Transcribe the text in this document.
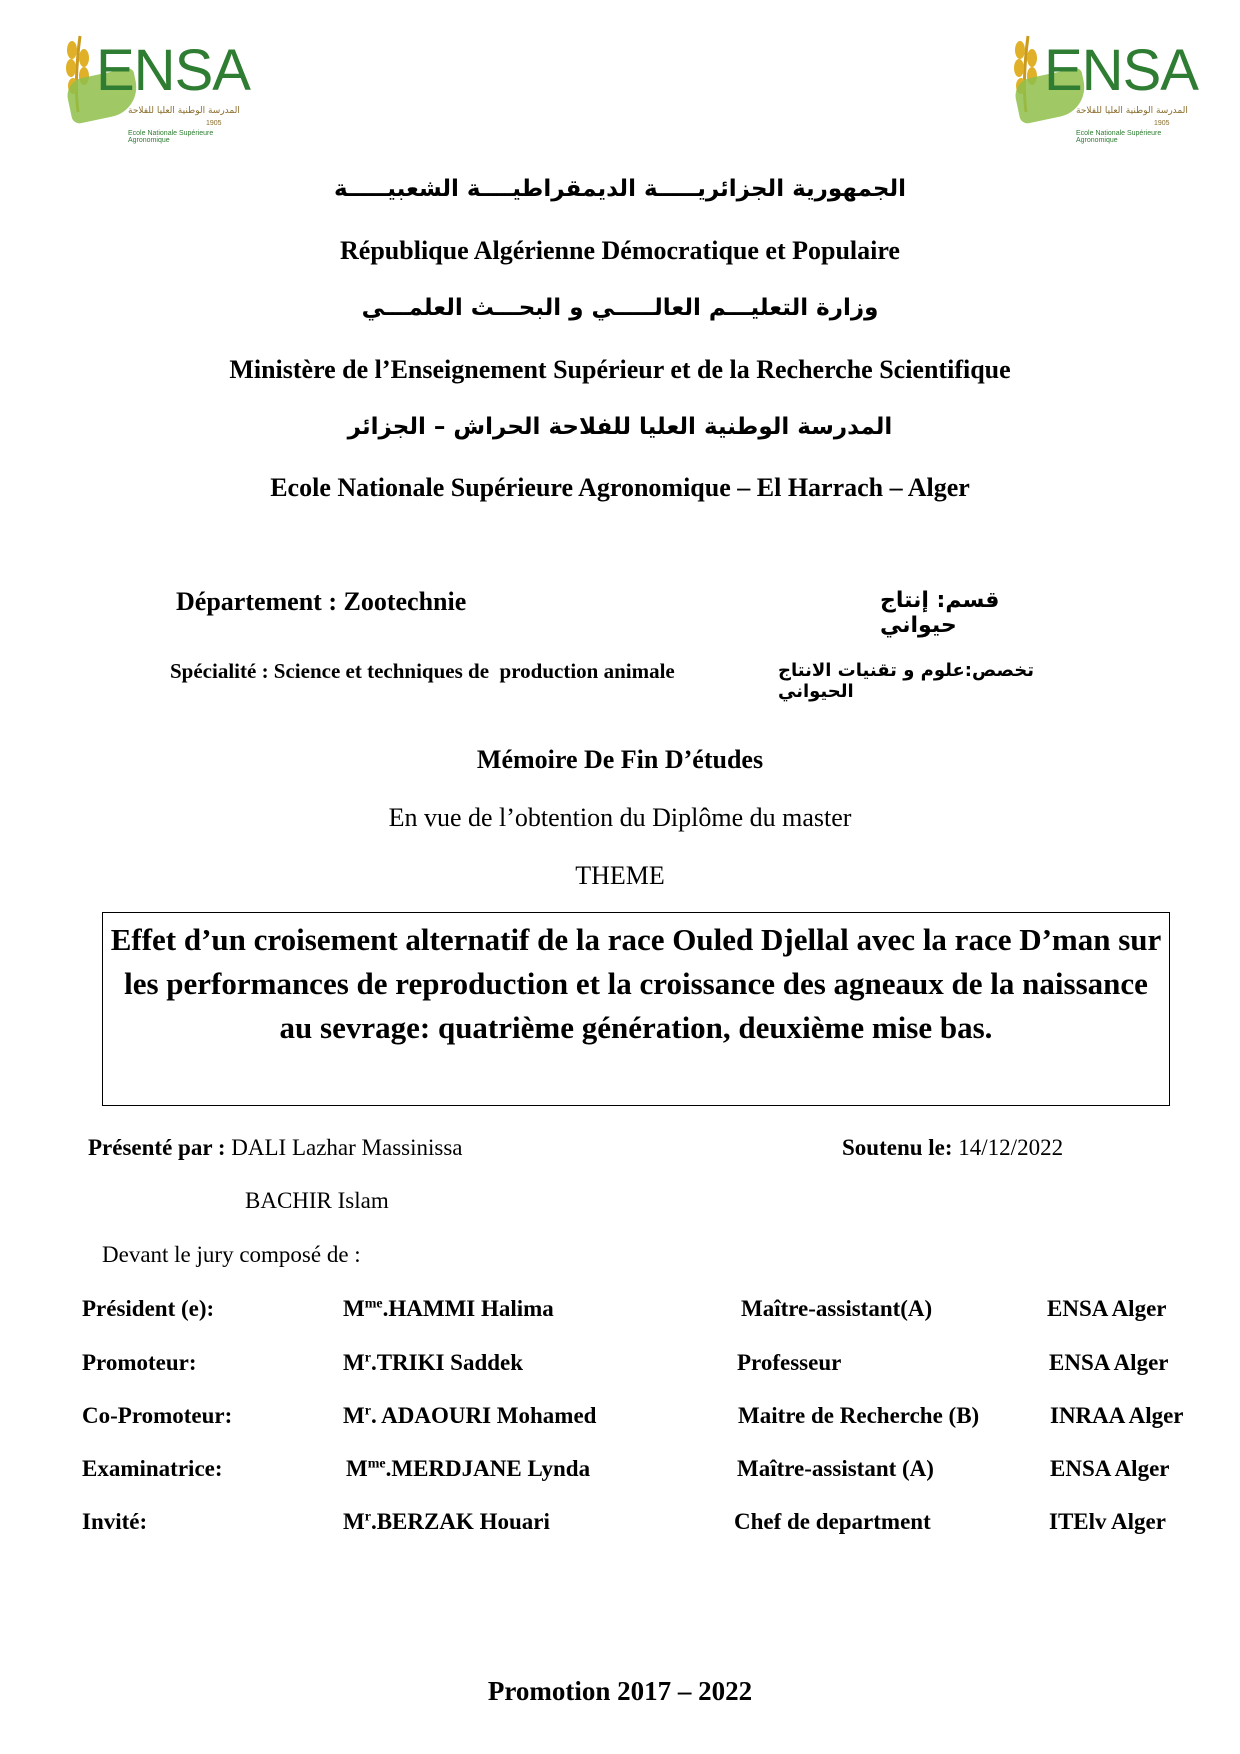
ENSA
المدرسة الوطنية العليا للفلاحة
1905
Ecole Nationale Supérieure Agronomique
ENSA
المدرسة الوطنية العليا للفلاحة
1905
Ecole Nationale Supérieure Agronomique
الجمهورية الجزائريـــــة الديمقراطيــــة الشعبيـــــة
République Algérienne Démocratique et Populaire
وزارة التعليـــم العالـــــي و البحـــث العلمـــي
Ministère de l’Enseignement Supérieur et de la Recherche Scientifique
المدرسة الوطنية العليا للفلاحة الحراش – الجزائر
Ecole Nationale Supérieure Agronomique – El Harrach – Alger
Département : Zootechnie	قسم: إنتاج حيواني
Spécialité : Science et techniques de  production animale	تخصص:علوم و تقنيات الانتاج الحيواني
Mémoire De Fin D’études
En vue de l’obtention du Diplôme du master
THEME
Effet d’un croisement alternatif de la race Ouled Djellal avec la race D’man sur les performances de reproduction et la croissance des agneaux de la naissance au sevrage: quatrième génération, deuxième mise bas.
Présenté par : DALI Lazhar Massinissa	Soutenu le: 14/12/2022
BACHIR Islam
Devant le jury composé de :
Président (e):	$M^{me}.HAMMI$ Halima	Maître-assistant(A)	ENSA Alger
Promoteur:	$M^r.TRIKI$ Saddek	Professeur	ENSA Alger
Co-Promoteur:	$M^r$. ADAOURI Mohamed	Maitre de Recherche (B)	INRAA Alger
Examinatrice:	$M^{me}.MERDJANE$ Lynda	Maître-assistant (A)	ENSA Alger
Invité:	$M^r.BERZAK$ Houari	Chef de department	ITElv Alger
Promotion 2017 – 2022
